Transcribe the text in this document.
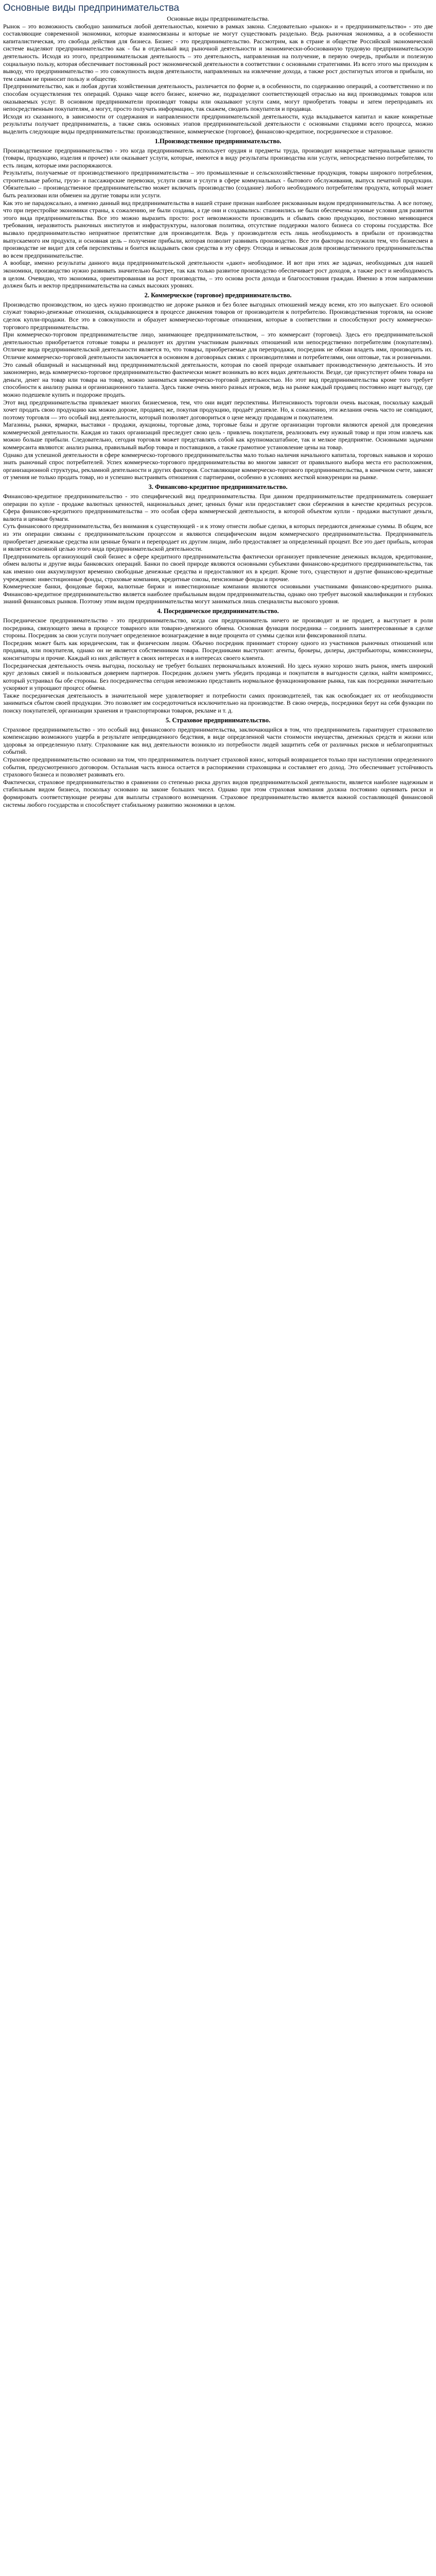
Основные виды предпринимательства

Основные виды предпринимательства.

Рынок – это возможность свободно заниматься любой деятельностью, конечно в рамках закона. Следовательно «рынок» и « предпринимательство» - это две составляющие современной экономики, которые взаимосвязаны и которые не могут существовать раздельно. Ведь рыночная экономика, а в особенности капиталистическая, это свобода действия для бизнеса. Бизнес - это предпринимательство. Рассмотрим, как в стране и обществе Российской экономической системе выделяют предпринимательство как - бы в отдельный вид рыночной деятельности и экономически-обоснованную трудовую предпринимательскую деятельность. Исходя из этого, предпринимательская деятельность – это деятельность, направленная на получение, в первую очередь, прибыли и полезную социальную пользу, которая обеспечивает постоянный рост экономической деятельности в соответствии с основными стратегиями. Из всего этого мы приходим к выводу, что предпринимательство – это совокупность видов деятельности, направленных на извлечение дохода, а также рост достигнутых итогов и прибыли, но тем самым не приносит пользу и обществу.

Предпринимательство, как и любая другая хозяйственная деятельность, различается по форме и, в особенности, по содержанию операций, а соответственно и по способам осуществления тех операций. Однако чаще всего бизнес, конечно же, подразделяют соответствующей отраслью на вид производимых товаров или оказываемых услуг. В основном предприниматели производят товары или оказывают услуги сами, могут приобретать товары и затем перепродавать их непосредственным покупателям, а могут, просто получать информацию, так скажем, сводить покупателя и продавца.

Исходя из сказанного, в зависимости от содержания и направленности предпринимательской деятельности, куда вкладывается капитал и какие конкретные результаты получает предприниматель, а также связь основных этапов предпринимательской деятельности с основными стадиями всего процесса, можно выделить следующие виды предпринимательства: производственное, коммерческое (торговое), финансово-кредитное, посредническое и страховое.

1.Производственное предпринимательство.

Производственное предпринимательство - это когда предприниматель использует орудия и предметы труда, производит конкретные материальные ценности (товары, продукцию, изделия и прочее) или оказывает услуги, которые, имеются в виду результаты производства или услуги, непосредственно потребителям, то есть лицам, которые ими распоряжаются.

Результаты, получаемые от производственного предпринимательства – это промышленные и сельскохозяйственные продукция, товары широкого потребления, строительные работы, грузо- и пассажирские перевозки, услуги связи и услуги в сфере коммунальных - бытового обслуживания, выпуск печатной продукции. Обязательно – производственное предпринимательство может включать производство (создание) любого необходимого потребителям продукта, который может быть реализован или обменен на другие товары или услуги.

Как это не парадоксально, а именно данный вид предпринимательства в нашей стране признан наиболее рискованным видом предпринимательства. А все потому, что при перестройке экономики страны, к сожалению, не были созданы, а где они и создавались: становились не были обеспечены нужные условия для развития этого вида предпринимательства. Все это можно выразить просто: рост невозможности производить и сбывать свою продукцию, постоянно меняющиеся требования, неразвитость рыночных институтов и инфраструктуры, налоговая политика, отсутствие поддержки малого бизнеса со стороны государства. Все вызвало предпринимательство неприятное препятствие для производителя. Ведь у производителя есть лишь необходимость в прибыли от производства выпускаемого им продукта, и основная цель – получение прибыли, которая позволит развивать производство. Все эти факторы послужили тем, что бизнесмен в производстве не видит для себя перспективы и боится вкладывать свои средства в эту сферу. Отсюда и невысокая доля производственного предпринимательства во всем предпринимательстве.

А вообще, именно результаты данного вида предпринимательской деятельности «дают» необходимое. И вот при этих же задачах, необходимых для нашей экономики, производство нужно развивать значительно быстрее, так как только развитое производство обеспечивает рост доходов, а также рост и необходимость в целом. Очевидно, что экономика, ориентированная на рост производства, – это основа роста дохода и благосостояния граждан. Именно в этом направлении должен быть и вектор предпринимательства на самых высоких уровнях.

2. Коммерческое (торговое) предпринимательство.

Производство производством, но здесь нужно производство не дороже рынков и без более выгодных отношений между всеми, кто это выпускает. Его основой служат товарно-денежные отношения, складывающиеся в процессе движения товаров от производителя к потребителю. Производственная торговля, на основе сделок купли-продажи. Все это в совокупности и образует коммерческо-торговые отношения, которые в соответствии и способствуют росту коммерческо-торгового предпринимательства.

При коммерческо-торговом предпринимательстве лицо, занимающее предпринимательством, – это коммерсант (торговец). Здесь его предпринимательской деятельностью приобретается готовые товары и реализует их другим участникам рыночных отношений или непосредственно потребителям (покупателям). Отличие вида предпринимательской деятельности является то, что товары, приобретаемые для перепродажи, посредник не обязан владеть ими, производить их. Отличие коммерческо-торговой деятельности заключается в основном в договорных связях с производителями и потребителями, они оптовые, так и розничными.

Это самый обширный и насыщенный вид предпринимательской деятельности, которая по своей природе охватывает производственную деятельность. И это закономерно, ведь коммерческо-торговое предпринимательство фактически может возникать во всех видах деятельности. Везде, где присутствует обмен товара на деньги, денег на товар или товара на товар, можно заниматься коммерческо-торговой деятельностью. Но этот вид предпринимательства кроме того требует способности к анализу рынка и организационного таланта. Здесь также очень много разных игроков, ведь на рынке каждый продавец постоянно ищет выгоду, где можно подешевле купить и подороже продать.

Этот вид предпринимательства привлекает многих бизнесменов, тем, что они видят перспективы. Интенсивность торговли очень высокая, поскольку каждый хочет продать свою продукцию как можно дороже, продавец же, покупая продукцию, продаёт дешевле. Но, к сожалению, эти желания очень часто не совпадают, поэтому торговля — это особый вид деятельности, который позволяет договориться о цене между продавцом и покупателем.

Магазины, рынки, ярмарки, выставки - продажи, аукционы, торговые дома, торговые базы и другие организации торговли являются ареной для проведения коммерческой деятельности. Каждая из таких организаций преследует свою цель - привлечь покупателя, реализовать ему нужный товар и при этом извлечь как можно больше прибыли. Следовательно, сегодня торговля может представлять собой как крупномасштабное, так и мелкое предприятие. Основными задачами коммерсанта являются: анализ рынка, правильный выбор товара и поставщиков, а также грамотное установление цены на товар.

Однако для успешной деятельности в сфере коммерческо-торгового предпринимательства мало только наличия начального капитала, торговых навыков и хорошо знать рыночный спрос потребителей. Успех коммерческо-торгового предпринимательства во многом зависит от правильного выбора места его расположения, организационной структуры, рекламной деятельности и других факторов. Составляющие коммерческо-торгового предпринимательства, в конечном счете, зависят от умения не только продать товар, но и успешно выстраивать отношения с партнерами, особенно в условиях жесткой конкуренции на рынке.

3. Финансово-кредитное предпринимательство.

Финансово-кредитное предпринимательство - это специфический вид предпринимательства. При данном предпринимательстве предприниматель совершает операции по купле - продаже валютных ценностей, национальных денег, ценных бумаг или предоставляет свои сбережения в качестве кредитных ресурсов. Сфера финансово-кредитного предпринимательства – это особая сфера коммерческой деятельности, в которой объектом купли - продажи выступают деньги, валюта и ценные бумаги.

Суть финансового предпринимательства, без внимания к существующей - и к этому отнести любые сделки, в которых передаются денежные суммы. В общем, все из эти операции связаны с предпринимательским процессом и являются специфическим видом коммерческого предпринимательства. Предприниматель приобретает денежные средства или ценные бумаги и перепродает их другим лицам, либо предоставляет за определенный процент. Все это дает прибыль, которая и является основной целью этого вида предпринимательской деятельности.

Предприниматель организующий свой бизнес в сфере кредитного предпринимательства фактически организует привлечение денежных вкладов, кредитование, обмен валюты и другие виды банковских операций. Банки по своей природе являются основными субъектами финансово-кредитного предпринимательства, так как именно они аккумулируют временно свободные денежные средства и предоставляют их в кредит. Кроме того, существуют и другие финансово-кредитные учреждения: инвестиционные фонды, страховые компании, кредитные союзы, пенсионные фонды и прочие.

Коммерческие банки, фондовые биржи, валютные биржи и инвестиционные компании являются основными участниками финансово-кредитного рынка. Финансово-кредитное предпринимательство является наиболее прибыльным видом предпринимательства, однако оно требует высокой квалификации и глубоких знаний финансовых рынков. Поэтому этим видом предпринимательства могут заниматься лишь специалисты высокого уровня.

4. Посредническое предпринимательство.

Посредническое предпринимательство - это предпринимательство, когда сам предприниматель ничего не производит и не продает, а выступает в роли посредника, связующего звена в процессе товарного или товарно-денежного обмена. Основная функция посредника – соединить заинтересованные в сделке стороны. Посредник за свои услуги получает определенное вознаграждение в виде процента от суммы сделки или фиксированной платы.

Посредник может быть как юридическим, так и физическим лицом. Обычно посредник принимает сторону одного из участников рыночных отношений или продавца, или покупателя, однако он не является собственником товара. Посредниками выступают: агенты, брокеры, дилеры, дистрибьюторы, комиссионеры, консигнаторы и прочие. Каждый из них действует в своих интересах и в интересах своего клиента.

Посредническая деятельность очень выгодна, поскольку не требует больших первоначальных вложений. Но здесь нужно хорошо знать рынок, иметь широкий круг деловых связей и пользоваться доверием партнеров. Посредник должен уметь убедить продавца и покупателя в выгодности сделки, найти компромисс, который устраивал бы обе стороны. Без посредничества сегодня невозможно представить нормальное функционирование рынка, так как посредники значительно ускоряют и упрощают процесс обмена.

Также посредническая деятельность в значительной мере удовлетворяет и потребности самих производителей, так как освобождает их от необходимости заниматься сбытом своей продукции. Это позволяет им сосредоточиться исключительно на производстве. В свою очередь, посредники берут на себя функции по поиску покупателей, организации хранения и транспортировки товаров, рекламе и т. д.

5. Страховое предпринимательство.

Страховое предпринимательство - это особый вид финансового предпринимательства, заключающийся в том, что предприниматель гарантирует страхователю компенсацию возможного ущерба в результате непредвиденного бедствия, в виде определенной части стоимости имущества, денежных средств и жизни или здоровья за определенную плату. Страхование как вид деятельности возникло из потребности людей защитить себя от различных рисков и неблагоприятных событий.

Страховое предпринимательство основано на том, что предприниматель получает страховой взнос, который возвращается только при наступлении определенного события, предусмотренного договором. Остальная часть взноса остается в распоряжении страховщика и составляет его доход. Это обеспечивает устойчивость страхового бизнеса и позволяет развивать его.

Фактически, страховое предпринимательство в сравнении со степенью риска других видов предпринимательской деятельности, является наиболее надежным и стабильным видом бизнеса, поскольку основано на законе больших чисел. Однако при этом страховая компания должна постоянно оценивать риски и формировать соответствующие резервы для выплаты страхового возмещения. Страховое предпринимательство является важной составляющей финансовой системы любого государства и способствует стабильному развитию экономики в целом.
